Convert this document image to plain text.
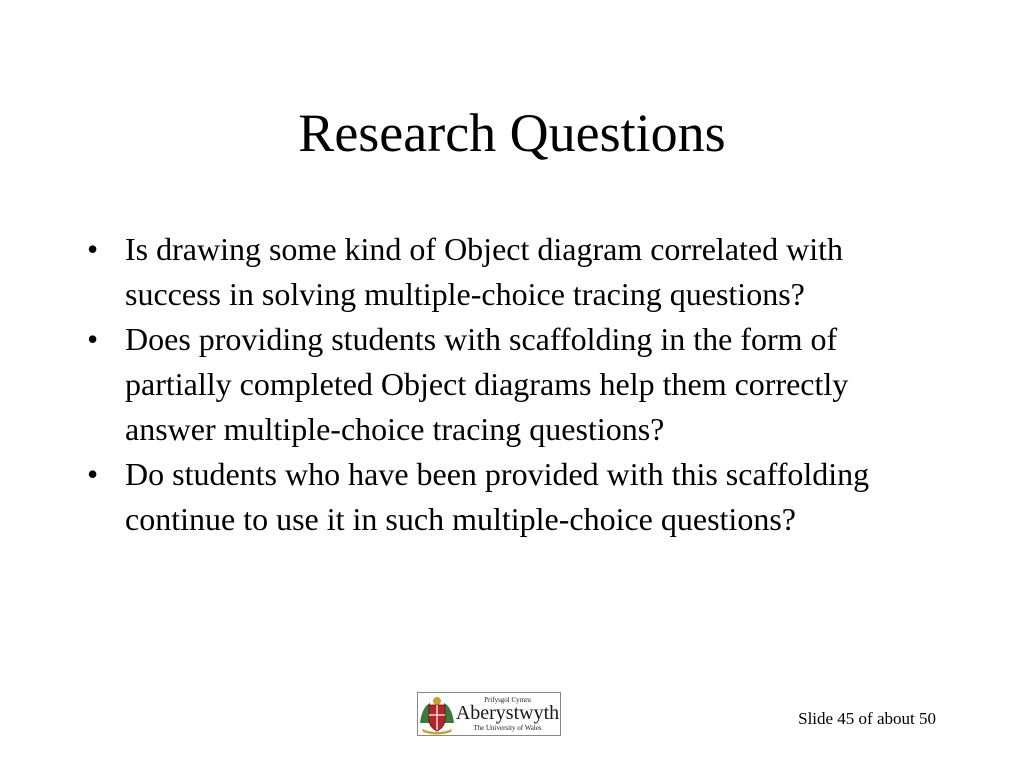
Research Questions
• Is drawing some kind of Object diagram correlated with success in solving multiple-choice tracing questions?
• Does providing students with scaffolding in the form of partially completed Object diagrams help them correctly answer multiple-choice tracing questions?
• Do students who have been provided with this scaffolding continue to use it in such multiple-choice questions?
Prifysgol Cymru
Aberystwyth
The University of Wales	Slide 45 of about 50
